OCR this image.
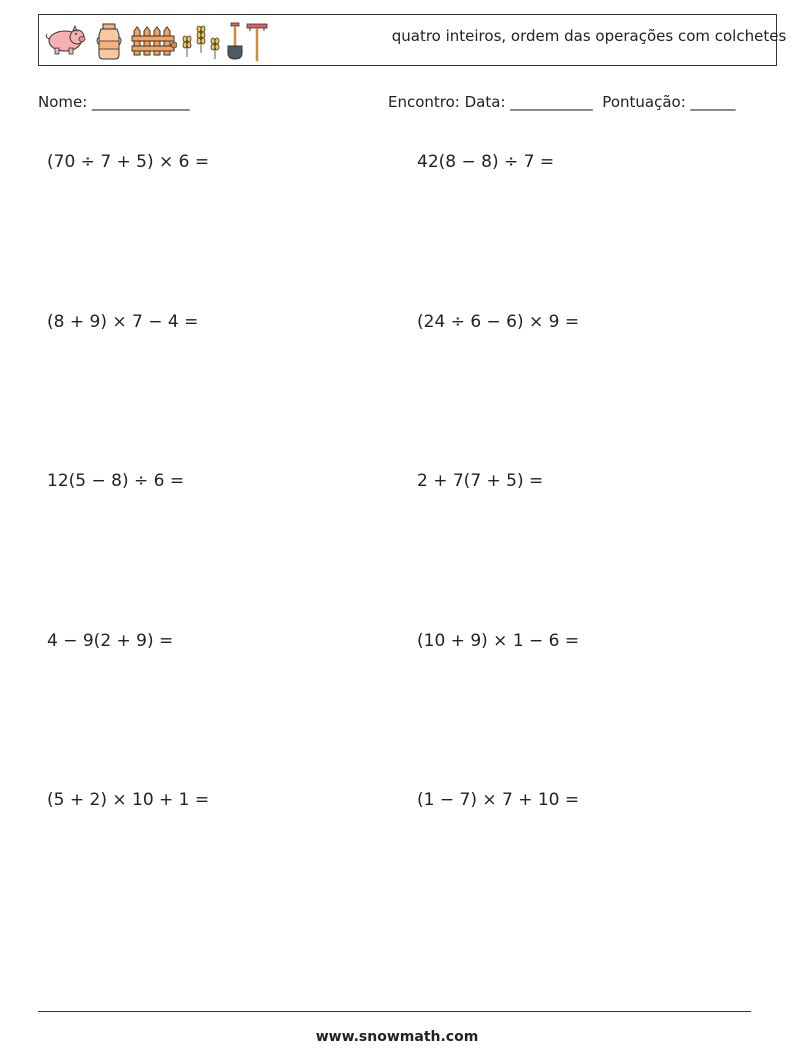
quatro inteiros, ordem das operações com colchetes
Nome: _____________	Encontro: Data: ___________  Pontuação: ______
(70 ÷ 7 + 5) × 6 =	42(8 − 8) ÷ 7 =
(8 + 9) × 7 − 4 =	(24 ÷ 6 − 6) × 9 =
12(5 − 8) ÷ 6 =	2 + 7(7 + 5) =
4 − 9(2 + 9) =	(10 + 9) × 1 − 6 =
(5 + 2) × 10 + 1 =	(1 − 7) × 7 + 10 =
www.snowmath.com
